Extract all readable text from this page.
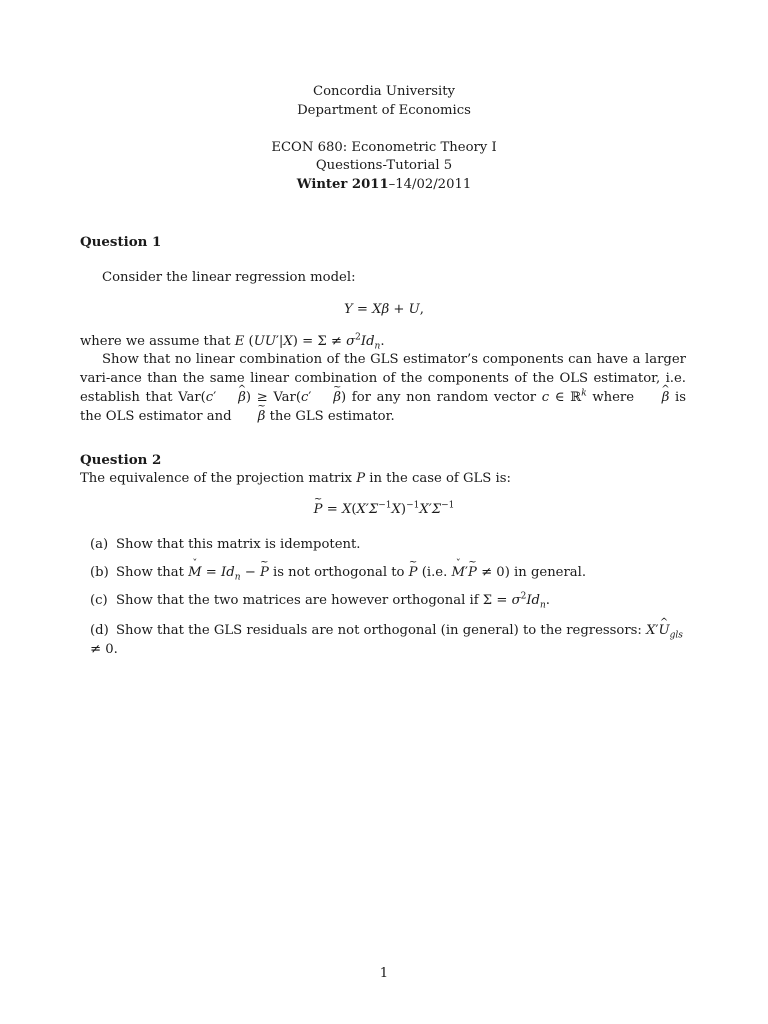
Concordia University
Department of Economics
ECON 680: Econometric Theory I
Questions-Tutorial 5
Winter 2011–14/02/2011
Question 1
Consider the linear regression model:
Y = Xβ + U,
where we assume that E $(UU'|X) = \Sigma \ne \sigma^2Id_n$.
Show that no linear combination of the GLS estimator’s components can have a larger vari-ance than the same linear combination of the components of the OLS estimator, i.e. establish that Var(c′ β ^) ≥ Var(c′ β ~) for any non random vector c ∈ ℝ$^k$ where β ^ is the OLS estimator and β ~ the GLS estimator.
Question 2
The equivalence of the projection matrix P in the case of GLS is:
P ~ = $X(X'\Sigma^{-1}X)^{-1}X'\Sigma^{-1}$
(a) Show that this matrix is idempotent.
(b) Show that M ˇ = $Id_n - P$ ~ is not orthogonal to P ~ (i.e. M ˇ′P ~ ≠ 0) in general.
(c) Show that the two matrices are however orthogonal if $\Sigma = \sigma^2Id_n$.
(d) Show that the GLS residuals are not orthogonal (in general) to the regressors: X′U $\^{}_{gls} \ne 0$.
1
